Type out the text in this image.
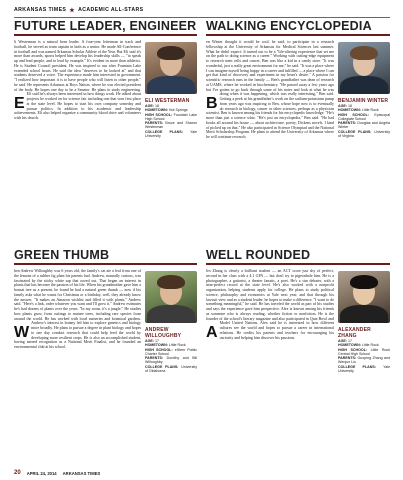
ARKANSAS TIMES ★ ACADEMIC ALL-STARS
FUTURE LEADER, ENGINEER
ELI WESTERMAN
AGE: 18
HOMETOWN: Hot Springs
HIGH SCHOOL: Fountain Lake High School
PARENTS: Bruce and Sharon Westerman
COLLEGE PLANS: Yale University
E
li Westerman is a natural born leader. A four-year letterman in track and football, he served as team captain in both as a senior. He made All-Conference in football and was named Arkansas Scholar Athlete of the Year. But Eli said it's more than awards, sports helped him develop his leadership skills — "to speak up and lead people, and to lead by example." It's evident in more than athletics. He is Student Council president. He was inspired to run after Fountain Lake extended school hours. He said the idea "deserves to be looked at" and that students deserved a voice. The experience made him interested in government. "I realized how important it is to have people who will listen to other people," he said. He represents Arkansas at Boys Nation, where he was elected president of the body. He hopes one day to be a Senator. He plans to study engineering. Eli said he's always been interested in how things work. He talked about projects he worked on for science fair including one that won first place at the state level. He hopes to start his own company someday and pursue politics. In addition to his academic and leadership achievements, Eli also helped organize a community blood drive and volunteers with his church.
WALKING ENCYCLOPEDIA
BENJAMIN WINTER
AGE: 18
HOMETOWN: Little Rock
HIGH SCHOOL: Episcopal Collegiate School
PARENTS: Douglas and Angela Winter
COLLEGE PLANS: University of Virginia
B
en Winter thought it would be cool, he said, to participate in a research fellowship at the University of Arkansas for Medical Sciences last summer. What he didn't expect: It turned out to be a "life-altering experience that set me on the path to doing science as a career." Working with cutting-edge equipment to research stem cells and cancer, Ben was like a kid in a candy store. "It was wonderful, just a really great environment for me," he said. "It was a place where I can imagine myself being happy in a career and fulfilled — a place where I can get that kind of discovery and experiment in my heart's desire." A passion for scientific research runs in the family — Ben's grandfather was dean of research at UAMS, where he worked in biochemistry. "He passed away a few years ago but I've gotten to go back through some of his notes and look at what he was doing when it was happening, which was really interesting," Ben said. Getting a peek at his grandfather's work on the sodium-potassium pump from years ago was inspiring to Ben, whose hope now is to eventually do research in biology, cancer or other sciences, perhaps as a physician scientist. Ben is known among his friends for his encyclopedic knowledge. "He's more than just a science whiz. "He's just an encyclopedia," Ben said. "He had books all around his house — about architecture, poetry, Dickens novels. I kind of picked up on that." He also participated in Science Olympiad and the National Merit Scholarship Program. He plans to attend the University of Arkansas where he will continue research.
GREEN THUMB
ANDREW WILLOUGHBY
AGE: 17
HOMETOWN: Little Rock
HIGH SCHOOL: eStem Public Charter School
PARENTS: Dorothy and Bill Willoughby
COLLEGE PLANS: University of Oklahoma
W
hen Andrew Willoughby was 6 years old, the family's cat ate a leaf from one of the lemons of a rubber fig plant his parents had. Andrew, naturally curious, was fascinated by the sticky white sap that oozed out. That began an interest in plants that has become the passion of his life. When his grandmother gave him a bonsai tree as a present, he found he had a natural green thumb — now if his family asks what he wants for Christmas or a birthday, well, they already know the answer. "It makes an Amazon wishlist and filled it with plants," Andrew said. "Here's a link, order whatever you want and I'll grow it." Andrew estimates he's had dozens of plants over the years. "In my room, it's a jungle." He studies how plants grow, from cuttings to mature trees, including rare species from around the world. He has worked with local nurseries and botanical gardens. Andrew's interest in botany led him to explore genetics and biology more broadly. He plans to pursue a degree in plant biology and hopes to one day conduct research that could help feed the world by developing more resilient crops. He is also an accomplished student, having earned recognition as a National Merit Finalist, and he founded an environmental club at his school.
WELL ROUNDED
ALEXANDER ZHANG
AGE: 17
HOMETOWN: Little Rock
HIGH SCHOOL: Little Rock Central High School
PARENTS: Guoping Zhang and Wenjun Liu
COLLEGE PLANS: Yale University
A
lex Zhang is clearly a brilliant student — an ACT score just shy of perfect, second in her class with a 4.1 GPA — but don't try to pigeonhole him. He is a photographer, a guitarist, a theater fanatic, a poet. He's a star debater, with a near-perfect record at the state level. He's also worked with a nonprofit organization, helping students apply for college. He plans to study political science, philosophy and economics at Yale next year, and that through his lawsuit view and as a student leader, he hopes to make a difference. "I want to do something meaningful," he said. He has traveled the world as part of his studies and says the experience gave him perspective. Alex is known among his friends as someone who is always reading, whether fiction or nonfiction. He is the founder of the school's literary magazine and also participated in Quiz Bowl and Model United Nations. Alex said he is interested in how different cultures see the world and hopes to pursue a career in international relations. He credits his parents and teachers for encouraging his curiosity and helping him discover his passions.
20 APRIL 24, 2014 ARKANSAS TIMES
